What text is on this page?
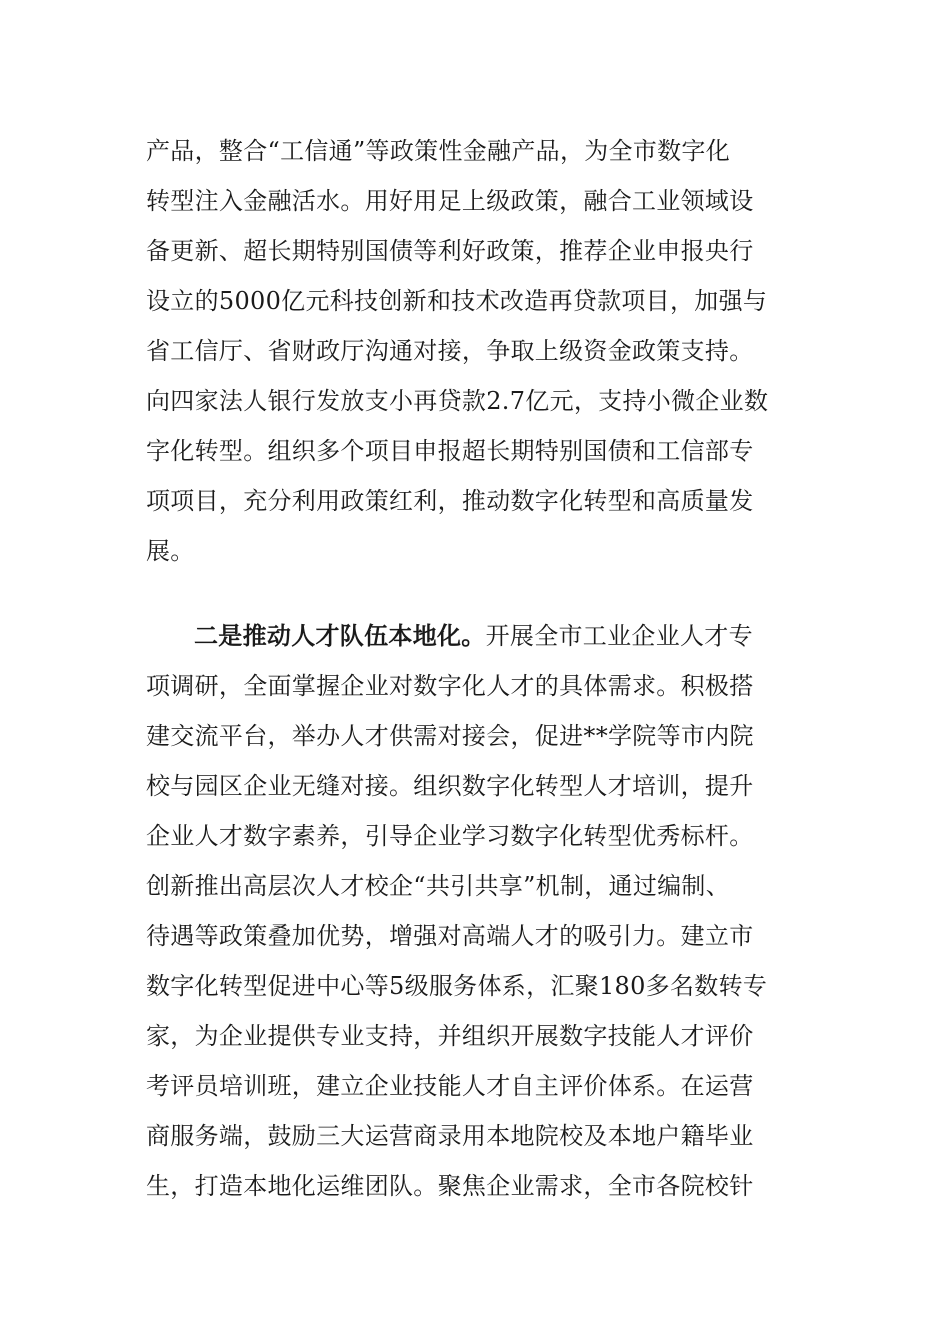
产品，整合“工信通”等政策性金融产品，为全市数字化
转型注入金融活水。用好用足上级政策，融合工业领域设
备更新、超长期特别国债等利好政策，推荐企业申报央行
设立的5000亿元科技创新和技术改造再贷款项目，加强与
省工信厅、省财政厅沟通对接，争取上级资金政策支持。
向四家法人银行发放支小再贷款2.7亿元，支持小微企业数
字化转型。组织多个项目申报超长期特别国债和工信部专
项项目，充分利用政策红利，推动数字化转型和高质量发
展。
二是推动人才队伍本地化。开展全市工业企业人才专
项调研，全面掌握企业对数字化人才的具体需求。积极搭
建交流平台，举办人才供需对接会，促进**学院等市内院
校与园区企业无缝对接。组织数字化转型人才培训，提升
企业人才数字素养，引导企业学习数字化转型优秀标杆。
创新推出高层次人才校企“共引共享”机制，通过编制、
待遇等政策叠加优势，增强对高端人才的吸引力。建立市
数字化转型促进中心等5级服务体系，汇聚180多名数转专
家，为企业提供专业支持，并组织开展数字技能人才评价
考评员培训班，建立企业技能人才自主评价体系。在运营
商服务端，鼓励三大运营商录用本地院校及本地户籍毕业
生，打造本地化运维团队。聚焦企业需求，全市各院校针
